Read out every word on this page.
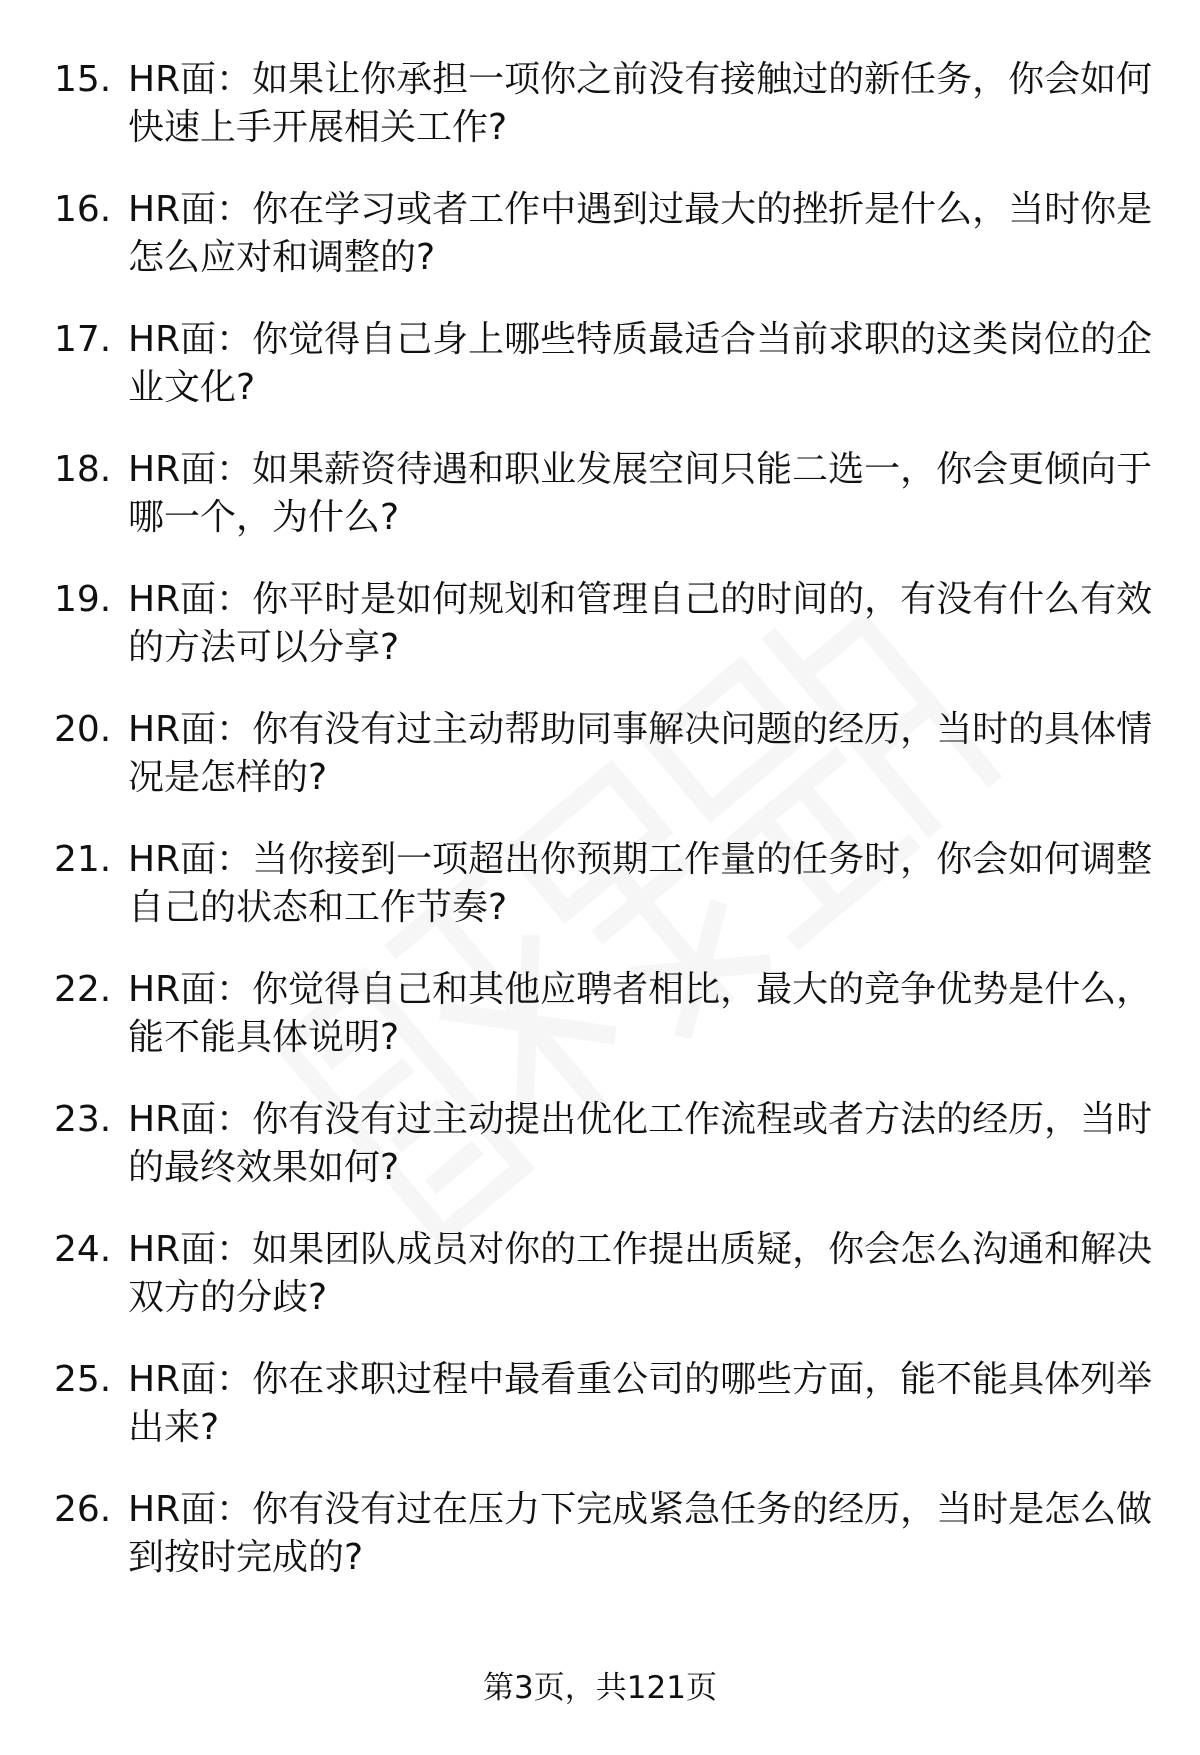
15. HR面：如果让你承担一项你之前没有接触过的新任务，你会如何
快速上手开展相关工作?
16. HR面：你在学习或者工作中遇到过最大的挫折是什么，当时你是
怎么应对和调整的?
17. HR面：你觉得自己身上哪些特质最适合当前求职的这类岗位的企
业文化?
18. HR面：如果薪资待遇和职业发展空间只能二选一，你会更倾向于
哪一个，为什么?
19. HR面：你平时是如何规划和管理自己的时间的，有没有什么有效
的方法可以分享?
20. HR面：你有没有过主动帮助同事解决问题的经历，当时的具体情
况是怎样的?
21. HR面：当你接到一项超出你预期工作量的任务时，你会如何调整
自己的状态和工作节奏?
22. HR面：你觉得自己和其他应聘者相比，最大的竞争优势是什么，
能不能具体说明?
23. HR面：你有没有过主动提出优化工作流程或者方法的经历，当时
的最终效果如何?
24. HR面：如果团队成员对你的工作提出质疑，你会怎么沟通和解决
双方的分歧?
25. HR面：你在求职过程中最看重公司的哪些方面，能不能具体列举
出来?
26. HR面：你有没有过在压力下完成紧急任务的经历，当时是怎么做
到按时完成的?
第3页，共121页
